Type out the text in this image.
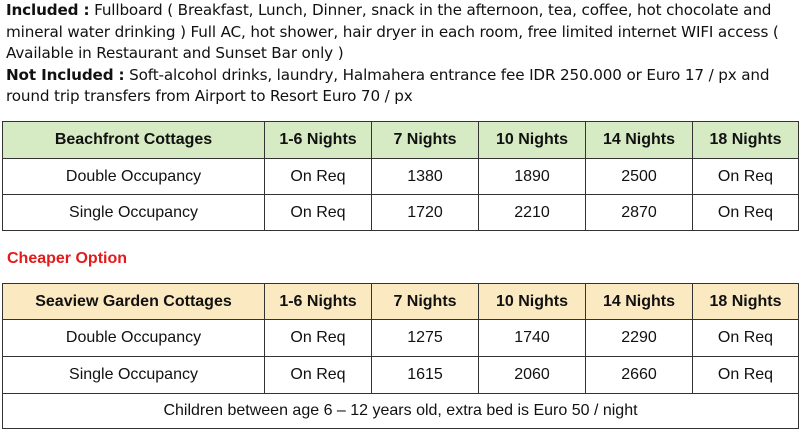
Included : Fullboard ( Breakfast, Lunch, Dinner, snack in the afternoon, tea, coffee, hot chocolate and mineral water drinking ) Full AC, hot shower, hair dryer in each room, free limited internet WIFI access ( Available in Restaurant and Sunset Bar only )
Not Included : Soft-alcohol drinks, laundry, Halmahera entrance fee IDR 250.000 or Euro 17 / px and round trip transfers from Airport to Resort Euro 70 / px
Beachfront Cottages	1-6 Nights	7 Nights	10 Nights	14 Nights	18 Nights
Double Occupancy	On Req	1380	1890	2500	On Req
Single Occupancy	On Req	1720	2210	2870	On Req
Cheaper Option
Seaview Garden Cottages	1-6 Nights	7 Nights	10 Nights	14 Nights	18 Nights
Double Occupancy	On Req	1275	1740	2290	On Req
Single Occupancy	On Req	1615	2060	2660	On Req
Children between age 6 – 12 years old, extra bed is Euro 50 / night					
